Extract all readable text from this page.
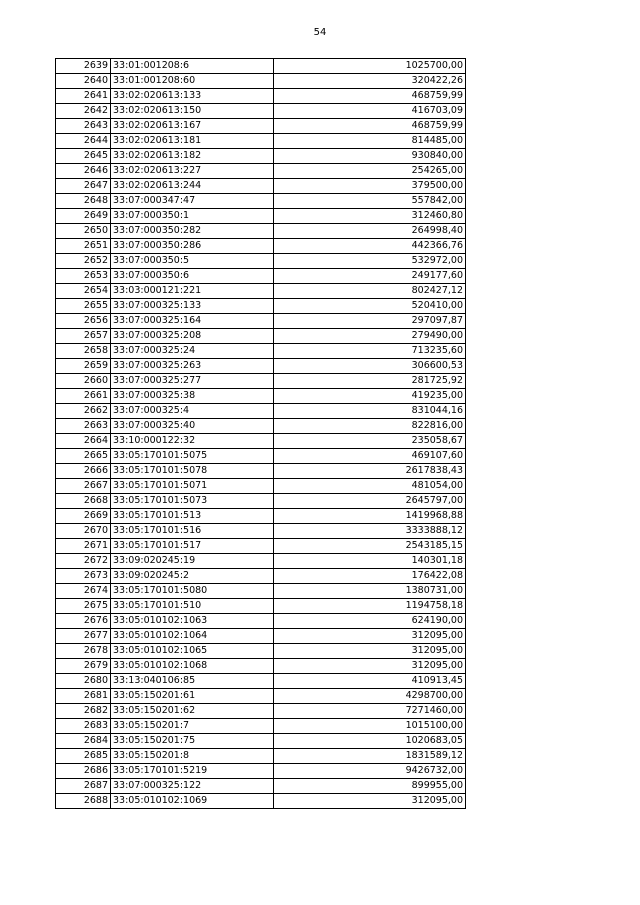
54
2639	33:01:001208:6	1025700,00
2640	33:01:001208:60	320422,26
2641	33:02:020613:133	468759,99
2642	33:02:020613:150	416703,09
2643	33:02:020613:167	468759,99
2644	33:02:020613:181	814485,00
2645	33:02:020613:182	930840,00
2646	33:02:020613:227	254265,00
2647	33:02:020613:244	379500,00
2648	33:07:000347:47	557842,00
2649	33:07:000350:1	312460,80
2650	33:07:000350:282	264998,40
2651	33:07:000350:286	442366,76
2652	33:07:000350:5	532972,00
2653	33:07:000350:6	249177,60
2654	33:03:000121:221	802427,12
2655	33:07:000325:133	520410,00
2656	33:07:000325:164	297097,87
2657	33:07:000325:208	279490,00
2658	33:07:000325:24	713235,60
2659	33:07:000325:263	306600,53
2660	33:07:000325:277	281725,92
2661	33:07:000325:38	419235,00
2662	33:07:000325:4	831044,16
2663	33:07:000325:40	822816,00
2664	33:10:000122:32	235058,67
2665	33:05:170101:5075	469107,60
2666	33:05:170101:5078	2617838,43
2667	33:05:170101:5071	481054,00
2668	33:05:170101:5073	2645797,00
2669	33:05:170101:513	1419968,88
2670	33:05:170101:516	3333888,12
2671	33:05:170101:517	2543185,15
2672	33:09:020245:19	140301,18
2673	33:09:020245:2	176422,08
2674	33:05:170101:5080	1380731,00
2675	33:05:170101:510	1194758,18
2676	33:05:010102:1063	624190,00
2677	33:05:010102:1064	312095,00
2678	33:05:010102:1065	312095,00
2679	33:05:010102:1068	312095,00
2680	33:13:040106:85	410913,45
2681	33:05:150201:61	4298700,00
2682	33:05:150201:62	7271460,00
2683	33:05:150201:7	1015100,00
2684	33:05:150201:75	1020683,05
2685	33:05:150201:8	1831589,12
2686	33:05:170101:5219	9426732,00
2687	33:07:000325:122	899955,00
2688	33:05:010102:1069	312095,00
